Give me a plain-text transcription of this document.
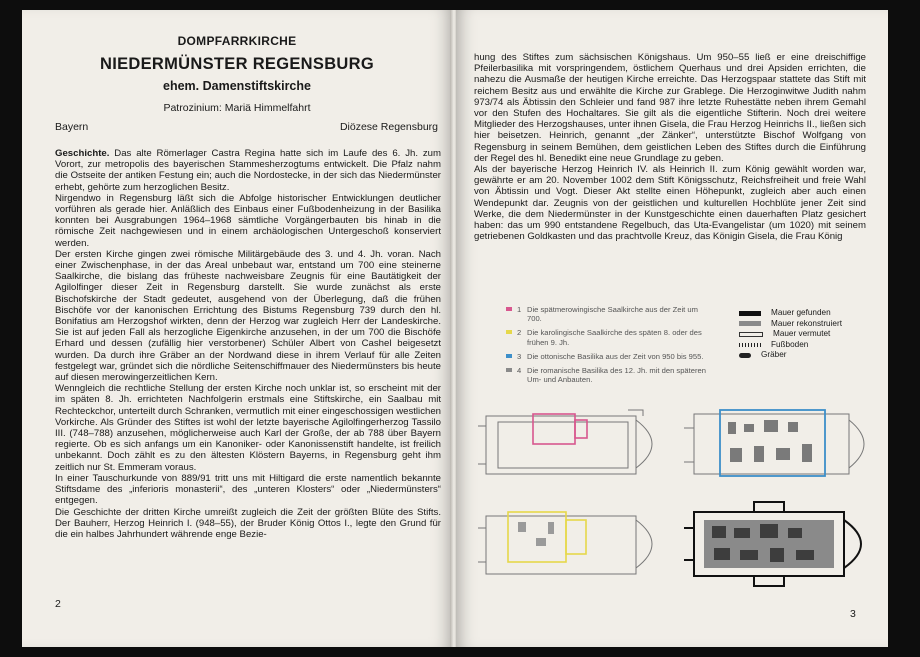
DOMPFARRKIRCHE
NIEDERMÜNSTER REGENSBURG
ehem. Damenstiftskirche
Patrozinium: Mariä Himmelfahrt
Bayern	Diözese Regensburg

Geschichte. Das alte Römerlager Castra Regina hatte sich im Laufe des 6. Jh. zum Vorort, zur metropolis des bayerischen Stammesherzogtums entwickelt. Die Pfalz nahm die Ostseite der antiken Festung ein; auch die Nordostecke, in der sich das Niedermünster erhebt, gehörte zum herzoglichen Besitz.

Nirgendwo in Regensburg läßt sich die Abfolge historischer Entwicklungen deutlicher vorführen als gerade hier. Anläßlich des Einbaus einer Fußbodenheizung in der Basilika konnten bei Ausgrabungen 1964–1968 sämtliche Vorgängerbauten bis hinab in die römische Zeit nachgewiesen und in einem archäologischen Untergeschoß konserviert werden.

Der ersten Kirche gingen zwei römische Militärgebäude des 3. und 4. Jh. voran. Nach einer Zwischenphase, in der das Areal unbebaut war, entstand um 700 eine steinerne Saalkirche, die bislang das früheste nachweisbare Zeugnis für eine Bautätigkeit der Agilolfinger dieser Zeit in Regensburg darstellt. Sie wurde zunächst als erste Bischofskirche der Stadt gedeutet, ausgehend von der Überlegung, daß die frühen Bischöfe vor der kanonischen Errichtung des Bistums Regensburg 739 durch den hl. Bonifatius am Herzogshof wirkten, denn der Herzog war zugleich Herr der Landeskirche. Sie ist auf jeden Fall als herzogliche Eigenkirche anzusehen, in der um 700 die Bischöfe Erhard und dessen (zufällig hier verstorbener) Schüler Albert von Cashel beigesetzt wurden. Da durch ihre Gräber an der Nordwand diese in ihrem Verlauf für alle Zeiten festgelegt war, gründet sich die nördliche Seitenschiffmauer des Niedermünsters bis heute auf diesen merowingerzeitlichen Kern.

Wenngleich die rechtliche Stellung der ersten Kirche noch unklar ist, so erscheint mit der im späten 8. Jh. errichteten Nachfolgerin erstmals eine Stiftskirche, ein Saalbau mit Rechteckchor, unterteilt durch Schranken, vermutlich mit einer eingeschossigen westlichen Vorkirche. Als Gründer des Stiftes ist wohl der letzte bayerische Agilolfingerherzog Tassilo III. (748–788) anzusehen, möglicherweise auch Karl der Große, der ab 788 über Bayern regierte. Ob es sich anfangs um ein Kanoniker- oder Kanonissenstift handelte, ist freilich unbekannt. Doch zählt es zu den ältesten Klöstern Bayerns, in Regensburg geht ihm zeitlich nur St. Emmeram voraus.

In einer Tauschurkunde von 889/91 tritt uns mit Hiltigard die erste namentlich bekannte Stiftsdame des „inferioris monasterii“, des „unteren Klosters“ oder „Niedermünsters“ entgegen.

Die Geschichte der dritten Kirche umreißt zugleich die Zeit der größten Blüte des Stifts. Der Bauherr, Herzog Heinrich I. (948–55), der Bruder König Ottos I., legte den Grund für die ein halbes Jahrhundert währende enge Bezie-

2

hung des Stiftes zum sächsischen Königshaus. Um 950–55 ließ er eine dreischiffige Pfeilerbasilika mit vorspringendem, östlichem Querhaus und drei Apsiden errichten, die nahezu die Ausmaße der heutigen Kirche erreichte. Das Herzogspaar stattete das Stift mit reichem Besitz aus und erwählte die Kirche zur Grablege. Die Herzoginwitwe Judith nahm 973/74 als Äbtissin den Schleier und fand 987 ihre letzte Ruhestätte neben ihrem Gemahl vor den Stufen des Hochaltares. Sie gilt als die eigentliche Stifterin. Noch drei weitere Mitglieder des Herzogshauses, unter ihnen Gisela, die Frau Herzog Heinrichs II., ließen sich hier beisetzen. Heinrich, genannt „der Zänker“, unterstützte Bischof Wolfgang von Regensburg in seinem Bemühen, dem geistlichen Leben des Stiftes durch die Einführung der Regel des hl. Benedikt eine neue Grundlage zu geben.

Als der bayerische Herzog Heinrich IV. als Heinrich II. zum König gewählt worden war, gewährte er am 20. November 1002 dem Stift Königsschutz, Reichsfreiheit und freie Wahl von Äbtissin und Vogt. Dieser Akt stellte einen Höhepunkt, zugleich aber auch einen Wendepunkt dar. Zeugnis von der geistlichen und kulturellen Hochblüte jener Zeit sind Werke, die dem Niedermünster in der Kunstgeschichte einen dauerhaften Platz gesichert haben: das um 990 entstandene Regelbuch, das Uta-Evangelistar (um 1020) mit seinem getriebenen Goldkasten und das prachtvolle Kreuz, das Königin Gisela, die Frau König

1 Die spätmerowingische Saalkirche aus der Zeit um 700.
2 Die karolingische Saalkirche des späten 8. oder des frühen 9. Jh.
3 Die ottonische Basilika aus der Zeit von 950 bis 955.
4 Die romanische Basilika des 12. Jh. mit den späteren Um- und Anbauten.
Mauer gefunden
Mauer rekonstruiert
Mauer vermutet
Fußboden
Gräber
3
